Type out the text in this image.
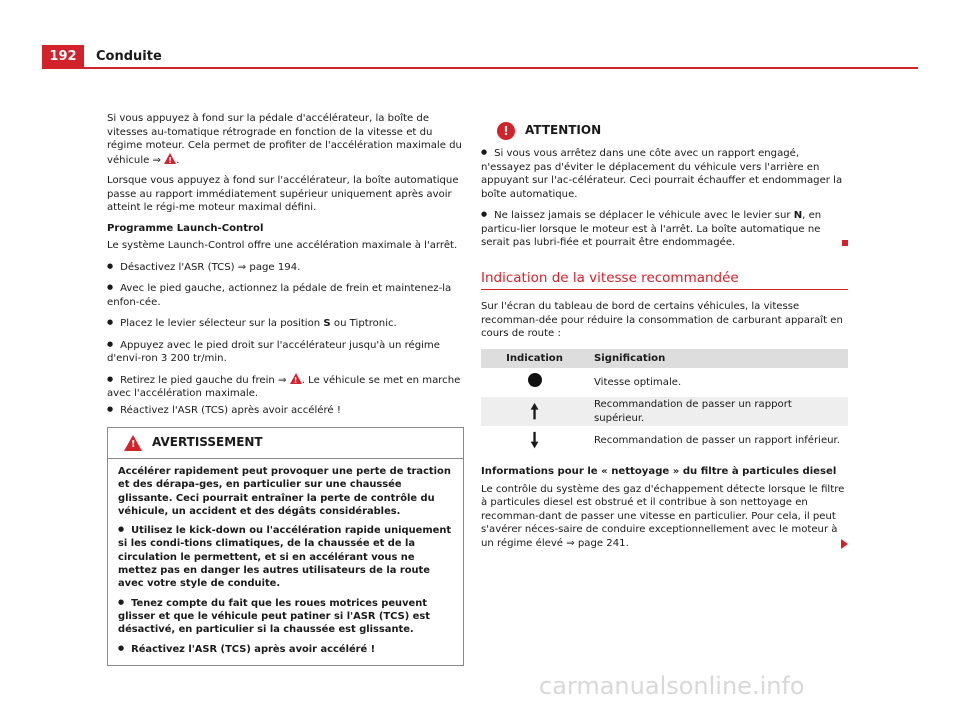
192	Conduite

Si vous appuyez à fond sur la pédale d'accélérateur, la boîte de vitesses au-tomatique rétrograde en fonction de la vitesse et du régime moteur. Cela permet de profiter de l'accélération maximale du véhicule ⇒ ! .

Lorsque vous appuyez à fond sur l'accélérateur, la boîte automatique passe au rapport immédiatement supérieur uniquement après avoir atteint le régi-me moteur maximal défini.

Programme Launch-Control

Le système Launch-Control offre une accélération maximale à l'arrêt.

● Désactivez l'ASR (TCS) ⇒ page 194.

● Avec le pied gauche, actionnez la pédale de frein et maintenez-la enfon-cée.

● Placez le levier sélecteur sur la position S ou Tiptronic.

● Appuyez avec le pied droit sur l'accélérateur jusqu'à un régime d'envi-ron 3 200 tr/min.

● Retirez le pied gauche du frein ⇒ ! . Le véhicule se met en marche avec l'accélération maximale.

● Réactivez l'ASR (TCS) après avoir accéléré !

!
AVERTISSEMENT

Accélérer rapidement peut provoquer une perte de traction et des dérapa-ges, en particulier sur une chaussée glissante. Ceci pourrait entraîner la perte de contrôle du véhicule, un accident et des dégâts considérables.

● Utilisez le kick-down ou l'accélération rapide uniquement si les condi-tions climatiques, de la chaussée et de la circulation le permettent, et si en accélérant vous ne mettez pas en danger les autres utilisateurs de la route avec votre style de conduite.

● Tenez compte du fait que les roues motrices peuvent glisser et que le véhicule peut patiner si l'ASR (TCS) est désactivé, en particulier si la chaussée est glissante.

● Réactivez l'ASR (TCS) après avoir accéléré !

!	ATTENTION

● Si vous vous arrêtez dans une côte avec un rapport engagé, n'essayez pas d'éviter le déplacement du véhicule vers l'arrière en appuyant sur l'ac-célérateur. Ceci pourrait échauffer et endommager la boîte automatique.

● Ne laissez jamais se déplacer le véhicule avec le levier sur N, en particu-lier lorsque le moteur est à l'arrêt. La boîte automatique ne serait pas lubri-fiée et pourrait être endommagée.

Indication de la vitesse recommandée

Sur l'écran du tableau de bord de certains véhicules, la vitesse recomman-dée pour réduire la consommation de carburant apparaît en cours de route :

Indication	Signification
	Vitesse optimale.
🠕	Recommandation de passer un rapport supérieur.
🠗	Recommandation de passer un rapport inférieur.

Informations pour le « nettoyage » du filtre à particules diesel

Le contrôle du système des gaz d'échappement détecte lorsque le filtre à particules diesel est obstrué et il contribue à son nettoyage en recomman-dant de passer une vitesse en particulier. Pour cela, il peut s'avérer néces-saire de conduire exceptionnellement avec le moteur à un régime élevé ⇒ page 241.

carmanualsonline.info
